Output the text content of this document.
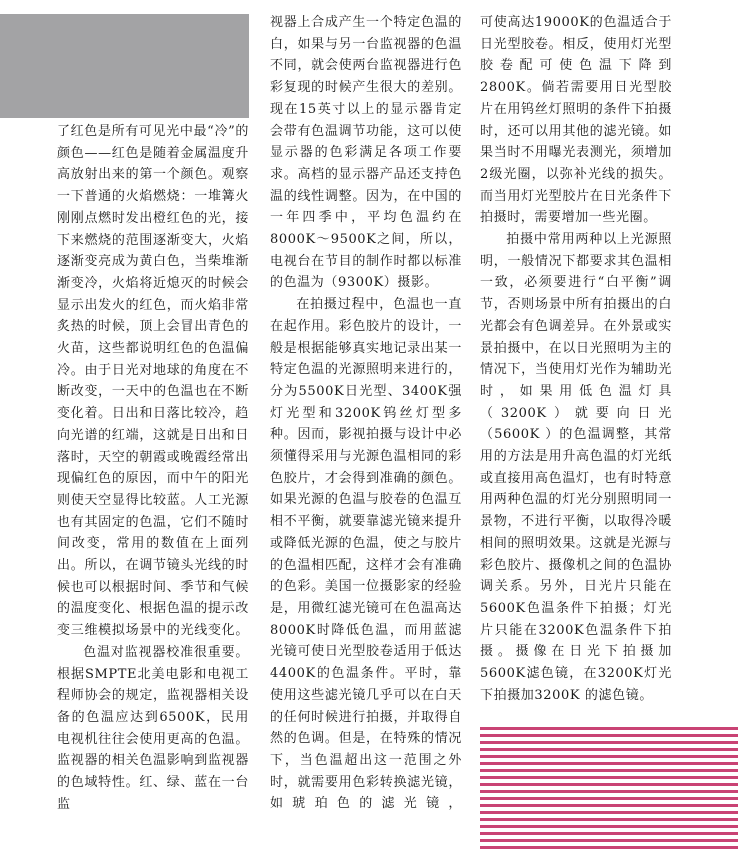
了红色是所有可见光中最“冷”的颜色——红色是随着金属温度升高放射出来的第一个颜色。观察一下普通的火焰燃烧：一堆篝火刚刚点燃时发出橙红色的光，接下来燃烧的范围逐渐变大，火焰逐渐变亮成为黄白色，当柴堆渐渐变冷，火焰将近熄灭的时候会显示出发火的红色，而火焰非常炙热的时候，顶上会冒出青色的火苗，这些都说明红色的色温偏冷。由于日光对地球的角度在不断改变，一天中的色温也在不断变化着。日出和日落比较冷，趋向光谱的红端，这就是日出和日落时，天空的朝霞或晚霞经常出现偏红色的原因，而中午的阳光则使天空显得比较蓝。人工光源也有其固定的色温，它们不随时间改变，常用的数值在上面列出。所以，在调节镜头光线的时候也可以根据时间、季节和气候的温度变化、根据色温的提示改变三维模拟场景中的光线变化。

色温对监视器校准很重要。根据SMPTE北美电影和电视工程师协会的规定，监视器相关设备的色温应达到6500K，民用电视机往往会使用更高的色温。监视器的相关色温影响到监视器的色域特性。红、绿、蓝在一台监

视器上合成产生一个特定色温的白，如果与另一台监视器的色温不同，就会使两台监视器进行色彩复现的时候产生很大的差别。现在15英寸以上的显示器肯定会带有色温调节功能，这可以使显示器的色彩满足各项工作要求。高档的显示器产品还支持色温的线性调整。因为，在中国的一年四季中，平均色温约在8000K～9500K之间，所以，电视台在节目的制作时都以标准的色温为（9300K）摄影。

在拍摄过程中，色温也一直在起作用。彩色胶片的设计，一般是根据能够真实地记录出某一特定色温的光源照明来进行的，分为5500K日光型、3400K强灯光型和3200K钨丝灯型多种。因而，影视拍摄与设计中必须懂得采用与光源色温相同的彩色胶片，才会得到准确的颜色。如果光源的色温与胶卷的色温互相不平衡，就要靠滤光镜来提升或降低光源的色温，使之与胶片的色温相匹配，这样才会有准确的色彩。美国一位摄影家的经验是，用微红滤光镜可在色温高达8000K时降低色温，而用蓝滤光镜可使日光型胶卷适用于低达4400K的色温条件。平时，靠使用这些滤光镜几乎可以在白天的任何时候进行拍摄，并取得自然的色调。但是，在特殊的情况下，当色温超出这一范围之外时，就需要用色彩转换滤光镜，如琥珀色的滤光镜，

可使高达19000K的色温适合于日光型胶卷。相反，使用灯光型胶卷配可使色温下降到2800K。倘若需要用日光型胶片在用钨丝灯照明的条件下拍摄时，还可以用其他的滤光镜。如果当时不用曝光表测光，须增加2级光圈，以弥补光线的损失。而当用灯光型胶片在日光条件下拍摄时，需要增加一些光圈。

拍摄中常用两种以上光源照明，一般情况下都要求其色温相一致，必须要进行“白平衡”调节，否则场景中所有拍摄出的白光都会有色调差异。在外景或实景拍摄中，在以日光照明为主的情况下，当使用灯光作为辅助光时，如果用低色温灯具（3200K）就要向日光（5600K ）的色温调整，其常用的方法是用升高色温的灯光纸或直接用高色温灯，也有时特意用两种色温的灯光分别照明同一景物，不进行平衡，以取得冷暖相间的照明效果。这就是光源与彩色胶片、摄像机之间的色温协调关系。另外，日光片只能在5600K色温条件下拍摄；灯光片只能在3200K色温条件下拍摄。摄像在日光下拍摄加5600K滤色镜，在3200K灯光下拍摄加3200K 的滤色镜。
